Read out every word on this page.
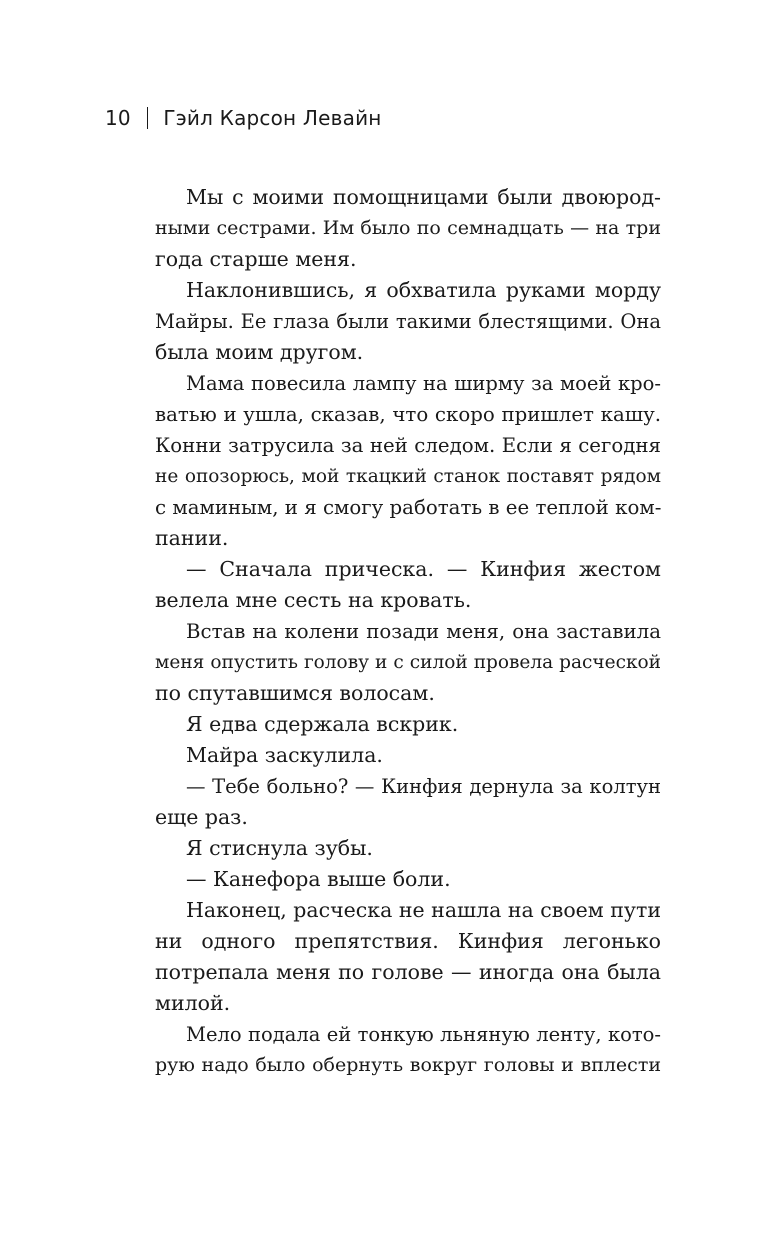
10 Гэйл Карсон Левайн
Мы с моими помощницами были двоюрод-
ными сестрами. Им было по семнадцать — на три
года старше меня.
Наклонившись, я обхватила руками морду
Майры. Ее глаза были такими блестящими. Она
была моим другом.
Мама повесила лампу на ширму за моей кро-
ватью и ушла, сказав, что скоро пришлет кашу.
Конни затрусила за ней следом. Если я сегодня
не опозорюсь, мой ткацкий станок поставят рядом
с маминым, и я смогу работать в ее теплой ком-
пании.
— Сначала прическа. — Кинфия жестом
велела мне сесть на кровать.
Встав на колени позади меня, она заставила
меня опустить голову и с силой провела расческой
по спутавшимся волосам.
Я едва сдержала вскрик.
Майра заскулила.
— Тебе больно? — Кинфия дернула за колтун
еще раз.
Я стиснула зубы.
— Канефора выше боли.
Наконец, расческа не нашла на своем пути
ни одного препятствия. Кинфия легонько
потрепала меня по голове — иногда она была
милой.
Мело подала ей тонкую льняную ленту, кото-
рую надо было обернуть вокруг головы и вплести
